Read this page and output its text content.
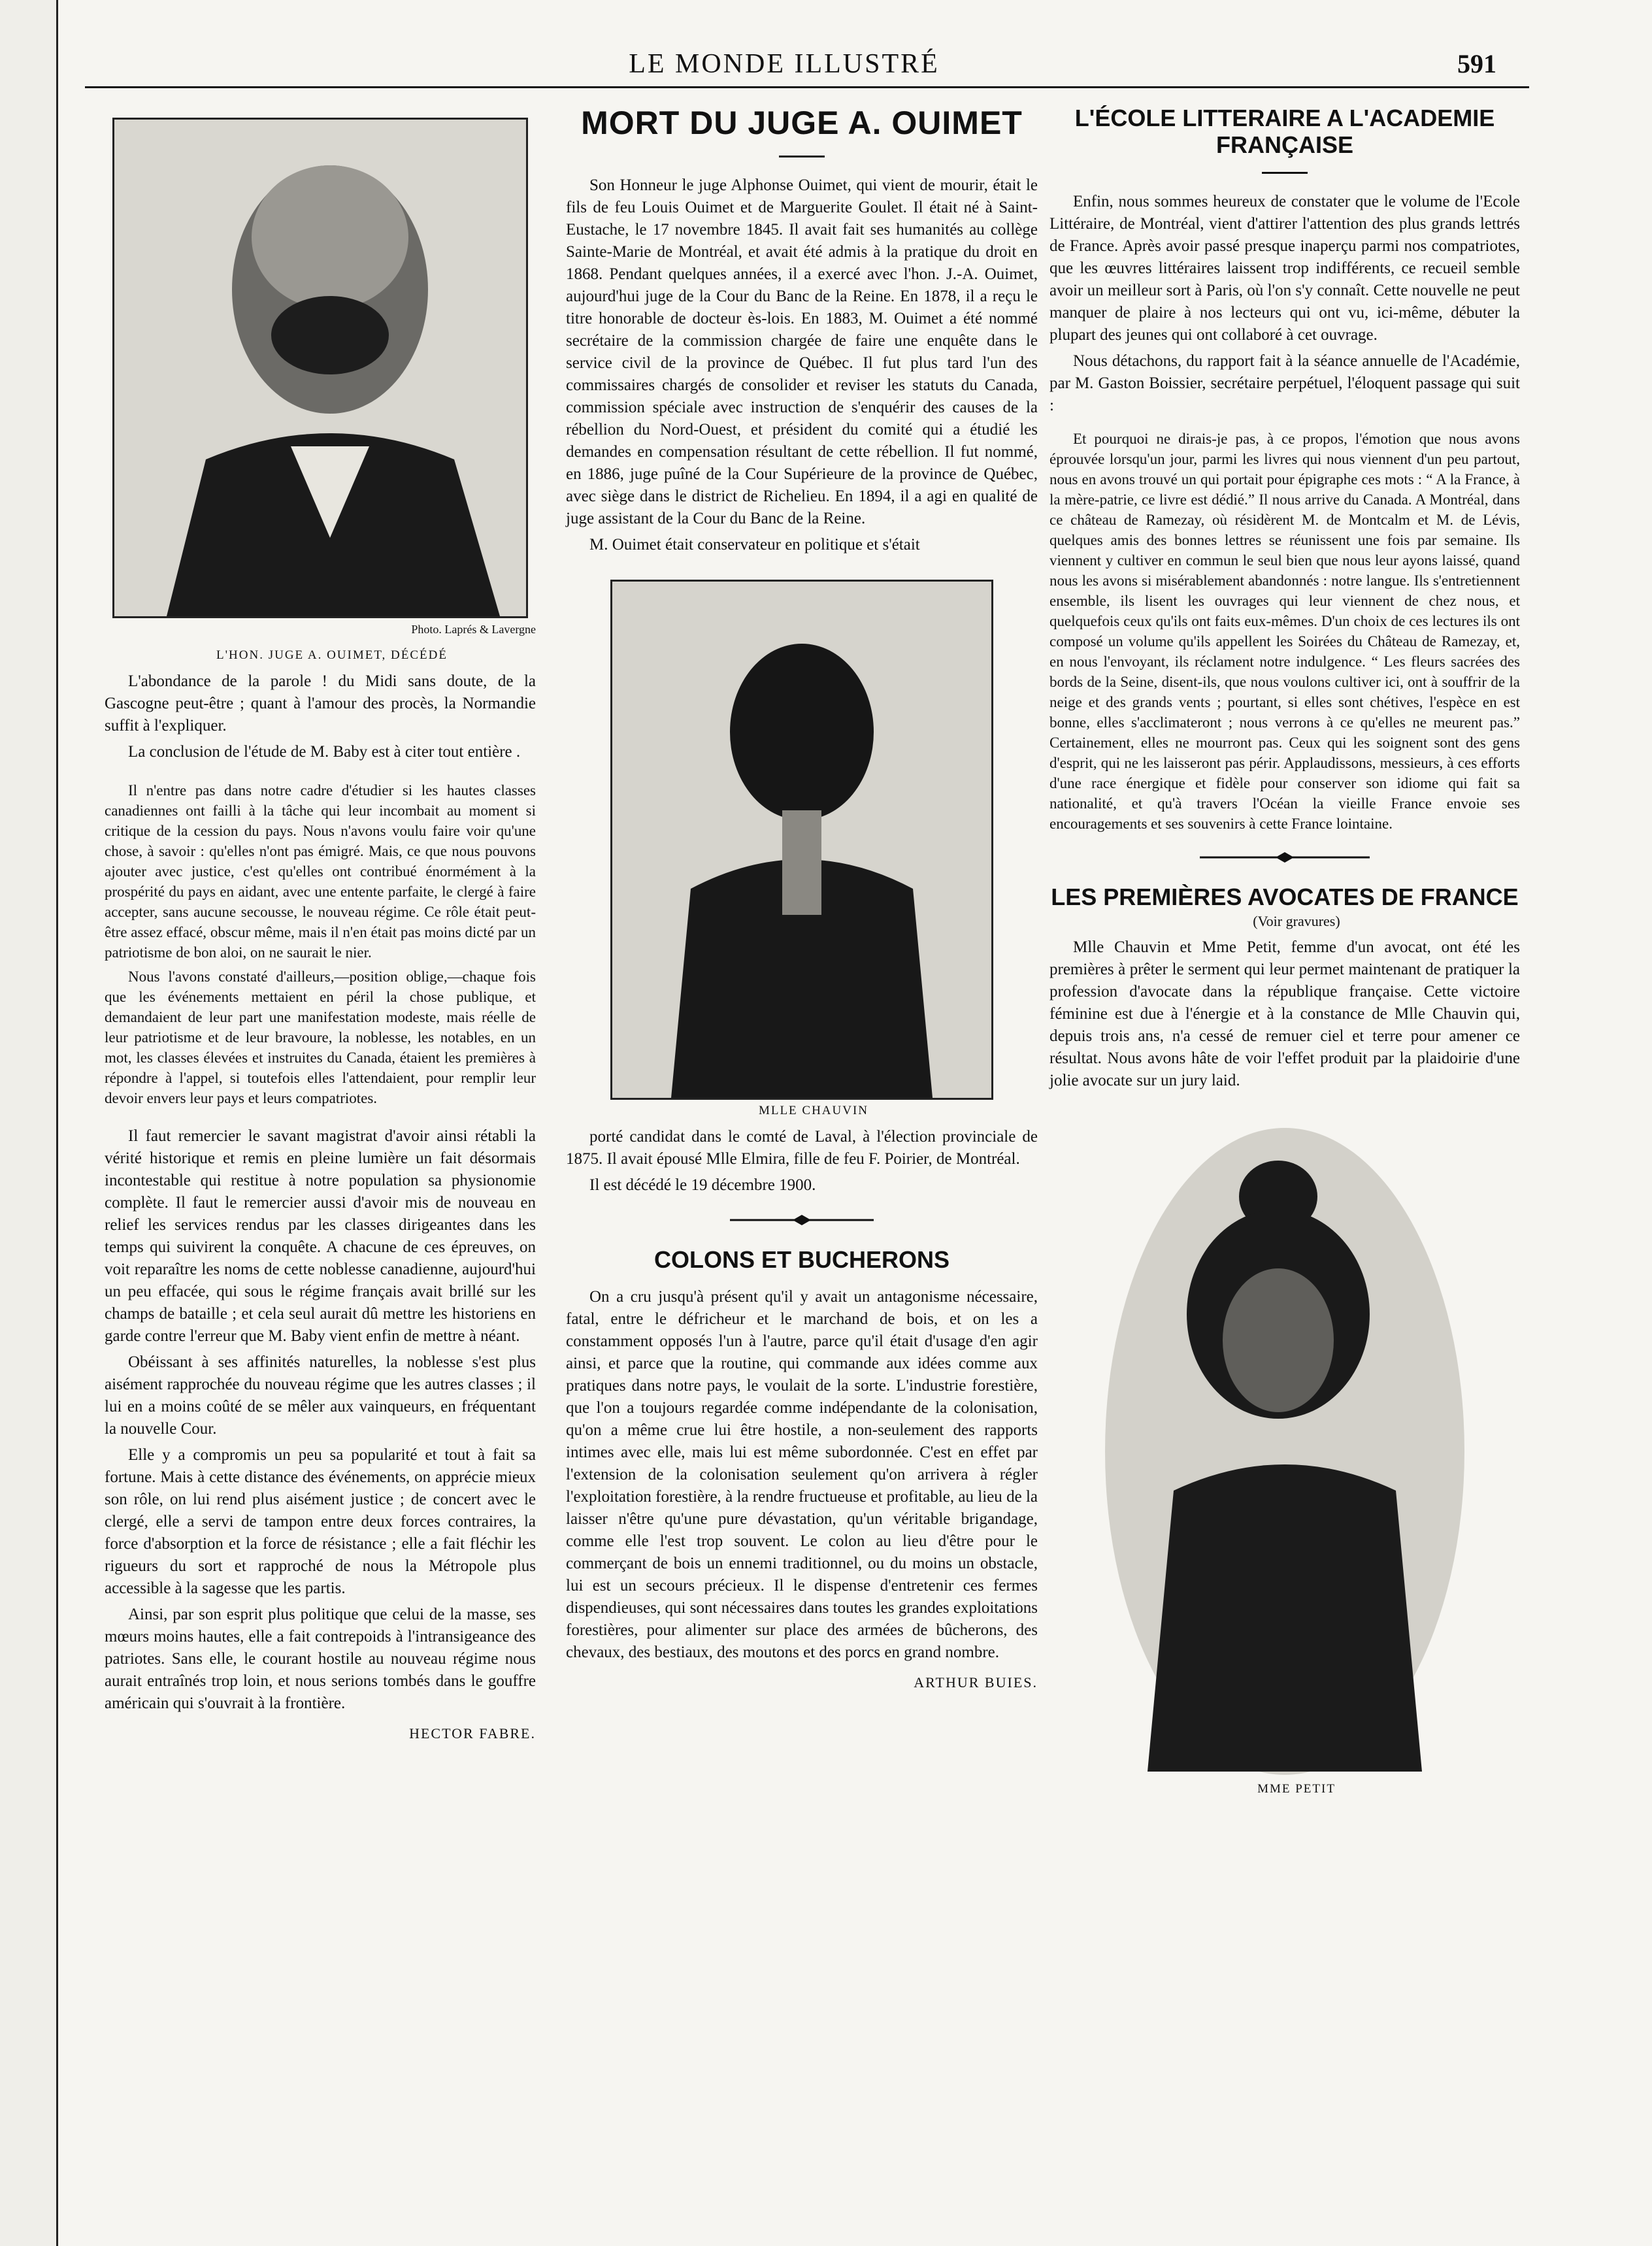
LE MONDE ILLUSTRÉ	591

Photo. Laprés & Lavergne

L'HON. JUGE A. OUIMET, DÉCÉDÉ

L'abondance de la parole ! du Midi sans doute, de la Gascogne peut-être ; quant à l'amour des procès, la Normandie suffit à l'expliquer.

La conclusion de l'étude de M. Baby est à citer tout entière .

Il n'entre pas dans notre cadre d'étudier si les hautes classes canadiennes ont failli à la tâche qui leur incombait au moment si critique de la cession du pays. Nous n'avons voulu faire voir qu'une chose, à savoir : qu'elles n'ont pas émigré. Mais, ce que nous pouvons ajouter avec justice, c'est qu'elles ont contribué énormément à la prospérité du pays en aidant, avec une entente parfaite, le clergé à faire accepter, sans aucune secousse, le nouveau régime. Ce rôle était peut-être assez effacé, obscur même, mais il n'en était pas moins dicté par un patriotisme de bon aloi, on ne saurait le nier.

Nous l'avons constaté d'ailleurs,—position oblige,—chaque fois que les événements mettaient en péril la chose publique, et demandaient de leur part une manifestation modeste, mais réelle de leur patriotisme et de leur bravoure, la noblesse, les notables, en un mot, les classes élevées et instruites du Canada, étaient les premières à répondre à l'appel, si toutefois elles l'attendaient, pour remplir leur devoir envers leur pays et leurs compatriotes.

Il faut remercier le savant magistrat d'avoir ainsi rétabli la vérité historique et remis en pleine lumière un fait désormais incontestable qui restitue à notre population sa physionomie complète. Il faut le remercier aussi d'avoir mis de nouveau en relief les services rendus par les classes dirigeantes dans les temps qui suivirent la conquête. A chacune de ces épreuves, on voit reparaître les noms de cette noblesse canadienne, aujourd'hui un peu effacée, qui sous le régime français avait brillé sur les champs de bataille ; et cela seul aurait dû mettre les historiens en garde contre l'erreur que M. Baby vient enfin de mettre à néant.

Obéissant à ses affinités naturelles, la noblesse s'est plus aisément rapprochée du nouveau régime que les autres classes ; il lui en a moins coûté de se mêler aux vainqueurs, en fréquentant la nouvelle Cour.

Elle y a compromis un peu sa popularité et tout à fait sa fortune. Mais à cette distance des événements, on apprécie mieux son rôle, on lui rend plus aisément justice ; de concert avec le clergé, elle a servi de tampon entre deux forces contraires, la force d'absorption et la force de résistance ; elle a fait fléchir les rigueurs du sort et rapproché de nous la Métropole plus accessible à la sagesse que les partis.

Ainsi, par son esprit plus politique que celui de la masse, ses mœurs moins hautes, elle a fait contrepoids à l'intransigeance des patriotes. Sans elle, le courant hostile au nouveau régime nous aurait entraînés trop loin, et nous serions tombés dans le gouffre américain qui s'ouvrait à la frontière.

HECTOR FABRE.
MORT DU JUGE A. OUIMET

Son Honneur le juge Alphonse Ouimet, qui vient de mourir, était le fils de feu Louis Ouimet et de Marguerite Goulet. Il était né à Saint-Eustache, le 17 novembre 1845. Il avait fait ses humanités au collège Sainte-Marie de Montréal, et avait été admis à la pratique du droit en 1868. Pendant quelques années, il a exercé avec l'hon. J.-A. Ouimet, aujourd'hui juge de la Cour du Banc de la Reine. En 1878, il a reçu le titre honorable de docteur ès-lois. En 1883, M. Ouimet a été nommé secrétaire de la commission chargée de faire une enquête dans le service civil de la province de Québec. Il fut plus tard l'un des commissaires chargés de consolider et reviser les statuts du Canada, commission spéciale avec instruction de s'enquérir des causes de la rébellion du Nord-Ouest, et président du comité qui a étudié les demandes en compensation résultant de cette rébellion. Il fut nommé, en 1886, juge puîné de la Cour Supérieure de la province de Québec, avec siège dans le district de Richelieu. En 1894, il a agi en qualité de juge assistant de la Cour du Banc de la Reine.

M. Ouimet était conservateur en politique et s'était

MLLE CHAUVIN

porté candidat dans le comté de Laval, à l'élection provinciale de 1875. Il avait épousé Mlle Elmira, fille de feu F. Poirier, de Montréal.

Il est décédé le 19 décembre 1900.

COLONS ET BUCHERONS

On a cru jusqu'à présent qu'il y avait un antagonisme nécessaire, fatal, entre le défricheur et le marchand de bois, et on les a constamment opposés l'un à l'autre, parce qu'il était d'usage d'en agir ainsi, et parce que la routine, qui commande aux idées comme aux pratiques dans notre pays, le voulait de la sorte. L'industrie forestière, que l'on a toujours regardée comme indépendante de la colonisation, qu'on a même crue lui être hostile, a non-seulement des rapports intimes avec elle, mais lui est même subordonnée. C'est en effet par l'extension de la colonisation seulement qu'on arrivera à régler l'exploitation forestière, à la rendre fructueuse et profitable, au lieu de la laisser n'être qu'une pure dévastation, qu'un véritable brigandage, comme elle l'est trop souvent. Le colon au lieu d'être pour le commerçant de bois un ennemi traditionnel, ou du moins un obstacle, lui est un secours précieux. Il le dispense d'entretenir ces fermes dispendieuses, qui sont nécessaires dans toutes les grandes exploitations forestières, pour alimenter sur place des armées de bûcherons, des chevaux, des bestiaux, des moutons et des porcs en grand nombre.

ARTHUR BUIES.
L'ÉCOLE LITTERAIRE A L'ACADEMIE FRANÇAISE

Enfin, nous sommes heureux de constater que le volume de l'Ecole Littéraire, de Montréal, vient d'attirer l'attention des plus grands lettrés de France. Après avoir passé presque inaperçu parmi nos compatriotes, que les œuvres littéraires laissent trop indifférents, ce recueil semble avoir un meilleur sort à Paris, où l'on s'y connaît. Cette nouvelle ne peut manquer de plaire à nos lecteurs qui ont vu, ici-même, débuter la plupart des jeunes qui ont collaboré à cet ouvrage.

Nous détachons, du rapport fait à la séance annuelle de l'Académie, par M. Gaston Boissier, secrétaire perpétuel, l'éloquent passage qui suit :

Et pourquoi ne dirais-je pas, à ce propos, l'émotion que nous avons éprouvée lorsqu'un jour, parmi les livres qui nous viennent d'un peu partout, nous en avons trouvé un qui portait pour épigraphe ces mots : “ A la France, à la mère-patrie, ce livre est dédié.” Il nous arrive du Canada. A Montréal, dans ce château de Ramezay, où résidèrent M. de Montcalm et M. de Lévis, quelques amis des bonnes lettres se réunissent une fois par semaine. Ils viennent y cultiver en commun le seul bien que nous leur ayons laissé, quand nous les avons si misérablement abandonnés : notre langue. Ils s'entretiennent ensemble, ils lisent les ouvrages qui leur viennent de chez nous, et quelquefois ceux qu'ils ont faits eux-mêmes. D'un choix de ces lectures ils ont composé un volume qu'ils appellent les Soirées du Château de Ramezay, et, en nous l'envoyant, ils réclament notre indulgence. “ Les fleurs sacrées des bords de la Seine, disent-ils, que nous voulons cultiver ici, ont à souffrir de la neige et des grands vents ; pourtant, si elles sont chétives, l'espèce en est bonne, elles s'acclimateront ; nous verrons à ce qu'elles ne meurent pas.” Certainement, elles ne mourront pas. Ceux qui les soignent sont des gens d'esprit, qui ne les laisseront pas périr. Applaudissons, messieurs, à ces efforts d'une race énergique et fidèle pour conserver son idiome qui fait sa nationalité, et qu'à travers l'Océan la vieille France envoie ses encouragements et ses souvenirs à cette France lointaine.

LES PREMIÈRES AVOCATES DE FRANCE

(Voir gravures)

Mlle Chauvin et Mme Petit, femme d'un avocat, ont été les premières à prêter le serment qui leur permet maintenant de pratiquer la profession d'avocate dans la république française. Cette victoire féminine est due à l'énergie et à la constance de Mlle Chauvin qui, depuis trois ans, n'a cessé de remuer ciel et terre pour amener ce résultat. Nous avons hâte de voir l'effet produit par la plaidoirie d'une jolie avocate sur un jury laid.

MME PETIT
